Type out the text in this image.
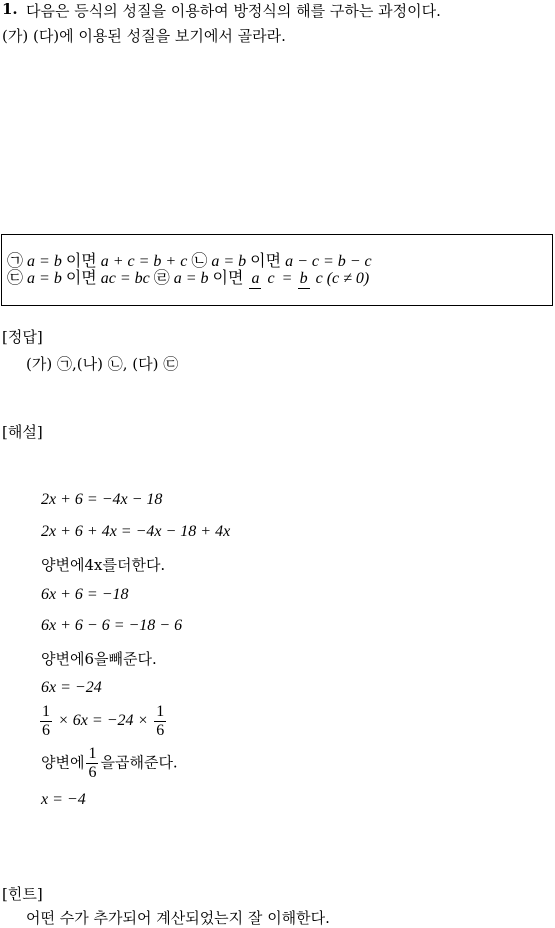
1. 다음은 등식의 성질을 이용하여 방정식의 해를 구하는 과정이다.
(가) (다)에 이용된 성질을 보기에서 골라라.
㉠ a = b 이면 a + c = b + c ㉡ a = b 이면 a − c = b − c
㉢ a = b 이면 ac = bc ㉣ a = b 이면 a c = b c (c ≠ 0)
[정답]
(가) ㉠,(나) ㉡, (다) ㉢
[해설]
2x + 6 = −4x − 18
2x + 6 + 4x = −4x − 18 + 4x
양변에4x를더한다.
6x + 6 = −18
6x + 6 − 6 = −18 − 6
양변에6을빼준다.
6x = −24
$\frac{1}{6} \times 6x = -24 \times \frac{1}{6}$
양변에 $\frac{1}{6}$ 을곱해준다.
x = −4
[힌트]
어떤 수가 추가되어 계산되었는지 잘 이해한다.
